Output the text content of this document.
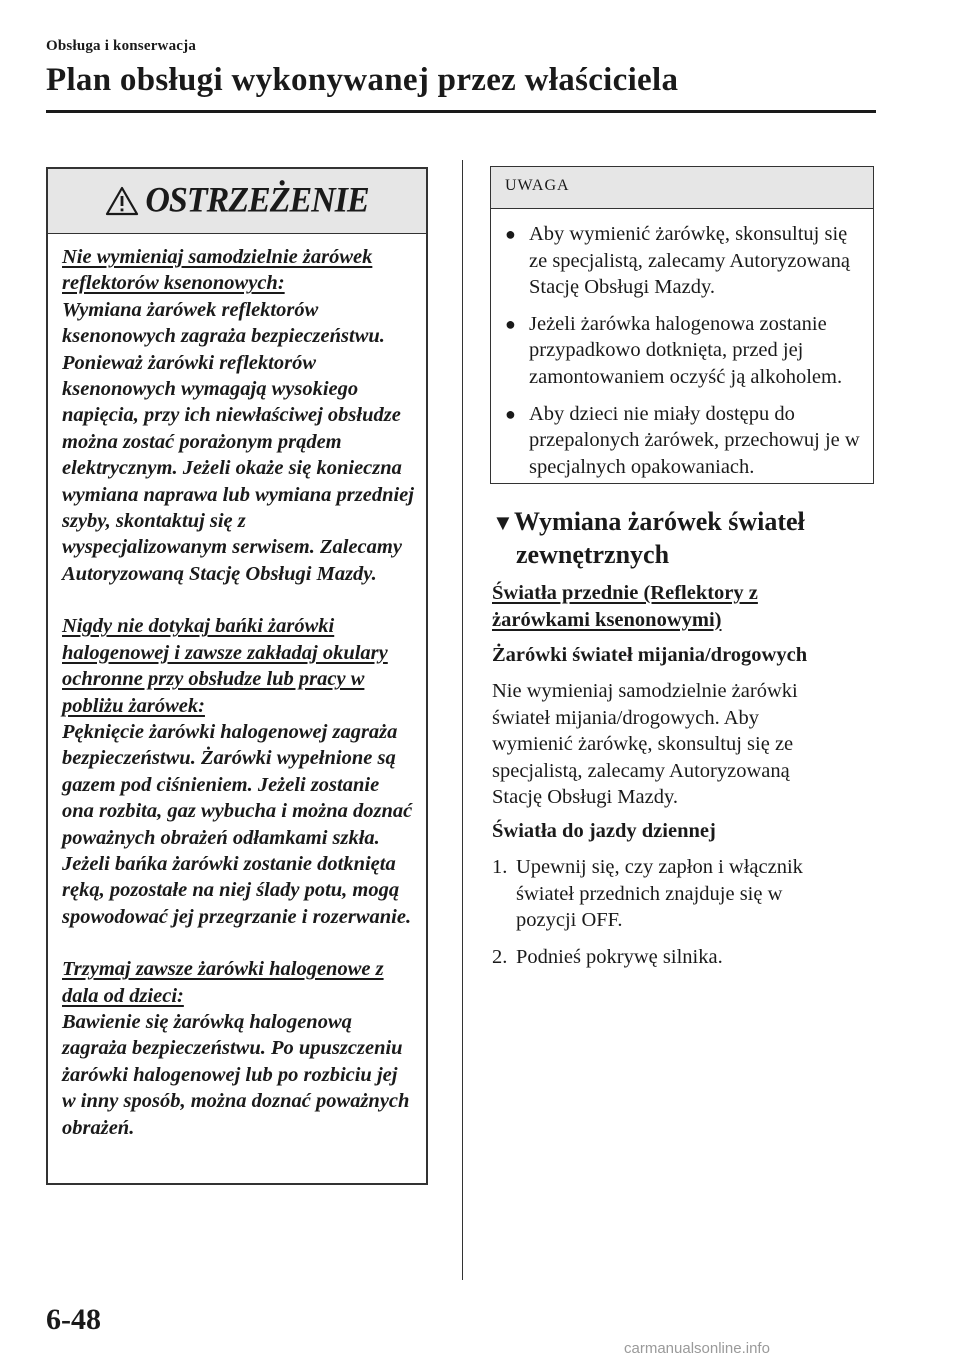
Obsługa i konserwacja
Plan obsługi wykonywanej przez właściciela
OSTRZEŻENIE

Nie wymieniaj samodzielnie żarówek reflektorów ksenonowych:

Wymiana żarówek reflektorów ksenonowych zagraża bezpieczeństwu. Ponieważ żarówki reflektorów ksenonowych wymagają wysokiego napięcia, przy ich niewłaściwej obsłudze można zostać porażonym prądem elektrycznym. Jeżeli okaże się konieczna wymiana naprawa lub wymiana przedniej szyby, skontaktuj się z wyspecjalizowanym serwisem. Zalecamy Autoryzowaną Stację Obsługi Mazdy.

Nigdy nie dotykaj bańki żarówki halogenowej i zawsze zakładaj okulary ochronne przy obsłudze lub pracy w pobliżu żarówek:

Pęknięcie żarówki halogenowej zagraża bezpieczeństwu. Żarówki wypełnione są gazem pod ciśnieniem. Jeżeli zostanie ona rozbita, gaz wybucha i można doznać poważnych obrażeń odłamkami szkła.

Jeżeli bańka żarówki zostanie dotknięta ręką, pozostałe na niej ślady potu, mogą spowodować jej przegrzanie i rozerwanie.

Trzymaj zawsze żarówki halogenowe z dala od dzieci:

Bawienie się żarówką halogenową zagraża bezpieczeństwu. Po upuszczeniu żarówki halogenowej lub po rozbiciu jej w inny sposób, można doznać poważnych obrażeń.

UWAGA
● Aby wymienić żarówkę, skonsultuj się ze specjalistą, zalecamy Autoryzowaną Stację Obsługi Mazdy.
● Jeżeli żarówka halogenowa zostanie przypadkowo dotknięta, przed jej zamontowaniem oczyść ją alkoholem.
● Aby dzieci nie miały dostępu do przepalonych żarówek, przechowuj je w specjalnych opakowaniach.
▼Wymiana żarówek świateł
zewnętrznych
Światła przednie (Reflektory z żarówkami ksenonowymi)
Żarówki świateł mijania/drogowych
Nie wymieniaj samodzielnie żarówki świateł mijania/drogowych. Aby wymienić żarówkę, skonsultuj się ze specjalistą, zalecamy Autoryzowaną Stację Obsługi Mazdy.
Światła do jazdy dziennej
1. Upewnij się, czy zapłon i włącznik świateł przednich znajduje się w pozycji OFF.
2. Podnieś pokrywę silnika.
6-48
carmanualsonline.info
